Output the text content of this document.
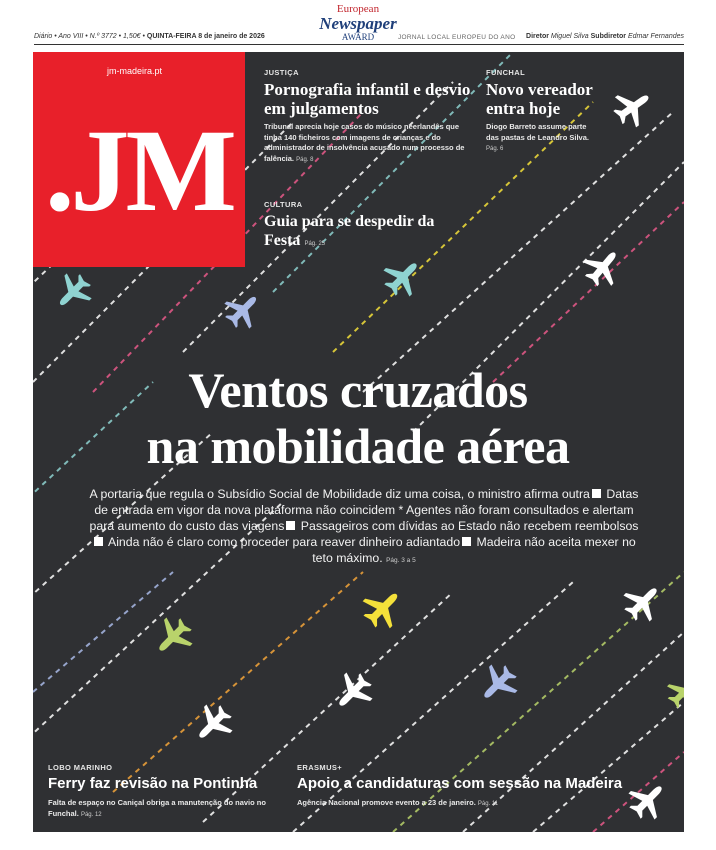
European
Newspaper
AWARD	JORNAL LOCAL EUROPEU DO ANO
Diário • Ano VIII • N.º 3772 • 1,50€ • QUINTA-FEIRA 8 de janeiro de 2026	Diretor Miguel Silva Subdiretor Edmar Fernandes
jm-madeira.pt
.JM
JUSTIÇA
Pornografia infantil e desvio em julgamentos
Tribunal aprecia hoje casos do músico neerlandês que tinha 140 ficheiros com imagens de crianças e do administrador de insolvência acusado num processo de falência. Pág. 8
FUNCHAL
Novo vereador entra hoje
Diogo Barreto assume parte das pastas de Leandro Silva. Pág. 6
CULTURA
Guia para se despedir da Festa Pág. 25
Ventos cruzados
na mobilidade aérea
A portaria que regula o Subsídio Social de Mobilidade diz uma coisa, o ministro afirma outra Datas de entrada em vigor da nova plataforma não coincidem * Agentes não foram consultados e alertam para aumento do custo das viagens Passageiros com dívidas ao Estado não recebem reembolsos Ainda não é claro como proceder para reaver dinheiro adiantado Madeira não aceita mexer no teto máximo. Pág. 3 a 5
LOBO MARINHO
Ferry faz revisão na Pontinha
Falta de espaço no Caniçal obriga a manutenção do navio no Funchal. Pág. 12
ERASMUS+
Apoio a candidaturas com sessão na Madeira
Agência Nacional promove evento a 23 de janeiro. Pág. 11
